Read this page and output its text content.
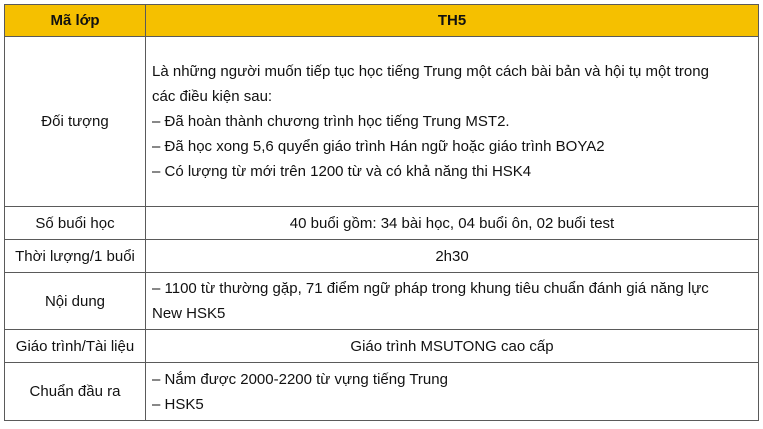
Mã lớp	TH5
Đối tượng	Là những người muốn tiếp tục học tiếng Trung một cách bài bản và hội tụ một trong
các điều kiện sau:
– Đã hoàn thành chương trình học tiếng Trung MST2.
– Đã học xong 5,6 quyển giáo trình Hán ngữ hoặc giáo trình BOYA2
– Có lượng từ mới trên 1200 từ và có khả năng thi HSK4

Số buổi học	40 buổi gồm: 34 bài học, 04 buổi ôn, 02 buổi test
Thời lượng/1 buổi	2h30
Nội dung	– 1100 từ thường gặp, 71 điểm ngữ pháp trong khung tiêu chuẩn đánh giá năng lực
New HSK5

Giáo trình/Tài liệu	Giáo trình MSUTONG cao cấp
Chuẩn đầu ra	– Nắm được 2000-2200 từ vựng tiếng Trung
– HSK5
